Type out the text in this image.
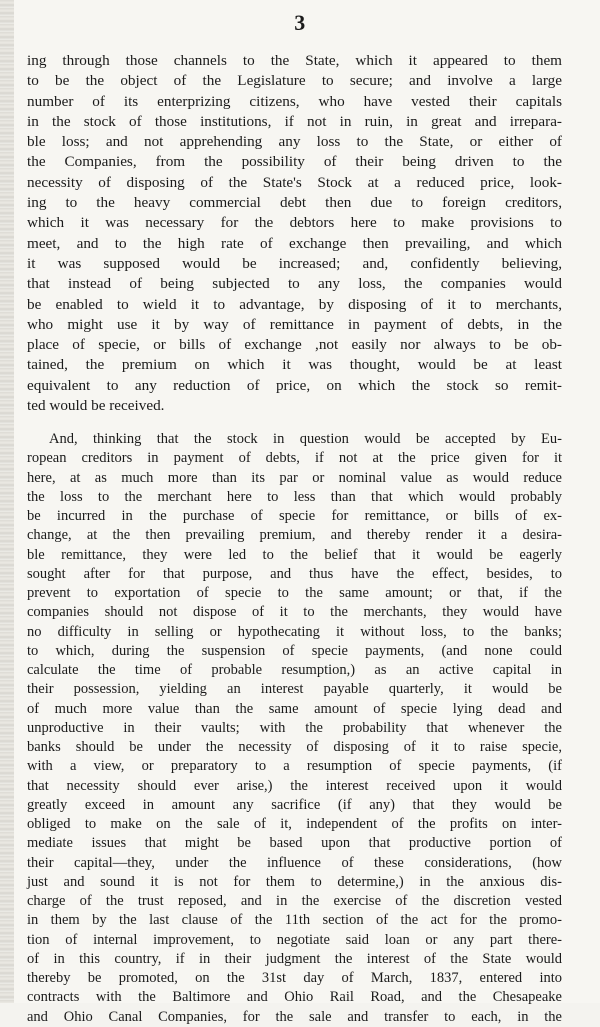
3
ing through those channels to the State, which it appeared to them
to be the object of the Legislature to secure; and involve a large
number of its enterprizing citizens, who have vested their capitals
in the stock of those institutions, if not in ruin, in great and irrepara-
ble loss; and not apprehending any loss to the State, or either of
the Companies, from the possibility of their being driven to the
necessity of disposing of the State's Stock at a reduced price, look-
ing to the heavy commercial debt then due to foreign creditors,
which it was necessary for the debtors here to make provisions to
meet, and to the high rate of exchange then prevailing, and which
it was supposed would be increased; and, confidently believing,
that instead of being subjected to any loss, the companies would
be enabled to wield it to advantage, by disposing of it to merchants,
who might use it by way of remittance in payment of debts, in the
place of specie, or bills of exchange ,not easily nor always to be ob-
tained, the premium on which it was thought, would be at least
equivalent to any reduction of price, on which the stock so remit-
ted would be received.
And, thinking that the stock in question would be accepted by Eu-
ropean creditors in payment of debts, if not at the price given for it
here, at as much more than its par or nominal value as would reduce
the loss to the merchant here to less than that which would probably
be incurred in the purchase of specie for remittance, or bills of ex-
change, at the then prevailing premium, and thereby render it a desira-
ble remittance, they were led to the belief that it would be eagerly
sought after for that purpose, and thus have the effect, besides, to
prevent to exportation of specie to the same amount; or that, if the
companies should not dispose of it to the merchants, they would have
no difficulty in selling or hypothecating it without loss, to the banks;
to which, during the suspension of specie payments, (and none could
calculate the time of probable resumption,) as an active capital in
their possession, yielding an interest payable quarterly, it would be
of much more value than the same amount of specie lying dead and
unproductive in their vaults; with the probability that whenever the
banks should be under the necessity of disposing of it to raise specie,
with a view, or preparatory to a resumption of specie payments, (if
that necessity should ever arise,) the interest received upon it would
greatly exceed in amount any sacrifice (if any) that they would be
obliged to make on the sale of it, independent of the profits on inter-
mediate issues that might be based upon that productive portion of
their capital—they, under the influence of these considerations, (how
just and sound it is not for them to determine,) in the anxious dis-
charge of the trust reposed, and in the exercise of the discretion vested
in them by the last clause of the 11th section of the act for the promo-
tion of internal improvement, to negotiate said loan or any part there-
of in this country, if in their judgment the interest of the State would
thereby be promoted, on the 31st day of March, 1837, entered into
contracts with the Baltimore and Ohio Rail Road, and the Chesapeake
and Ohio Canal Companies, for the sale and transfer to each, in the
